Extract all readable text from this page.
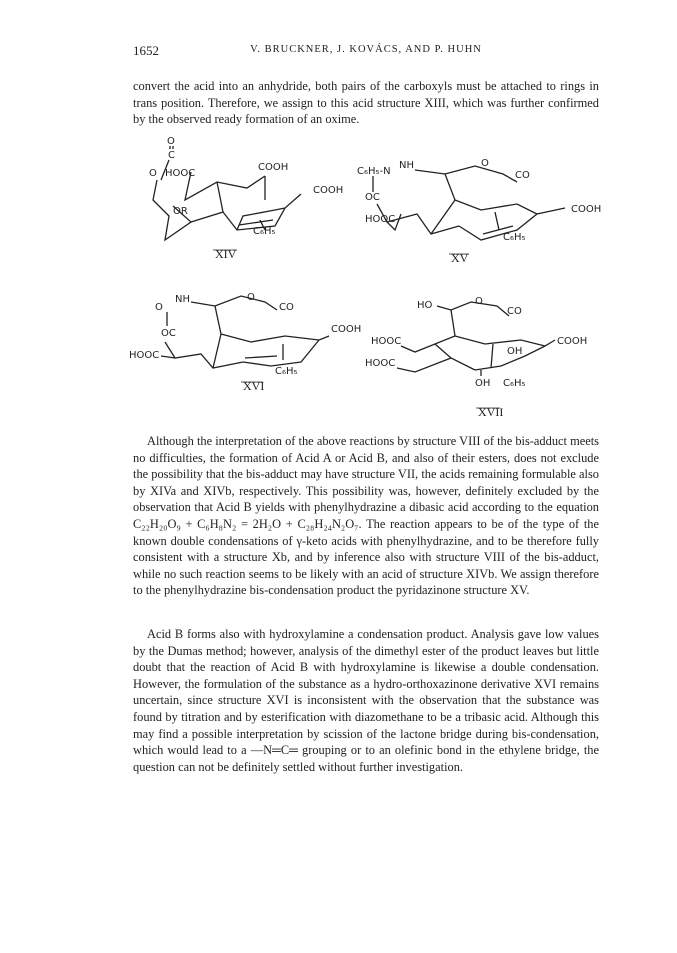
1652	V. BRUCKNER, J. KOVÁCS, AND P. HUHN

convert the acid into an anhydride, both pairs of the carboxyls must be attached to rings in trans position. Therefore, we assign to this acid structure XIII, which was further confirmed by the observed ready formation of an oxime.

O
C
O HOOC
COOH
COOH
OR
C₆H₅
XIV
C₆H₅-N
NH	O
CO
OC
HOOC
COOH
C₆H₅
XV
O
NH	O
CO
OC	COOH
HOOC
C₆H₅
XVI
HO	O
CO
HOOC
HOOC
COOH
OH
OH C₆H₅
XVII

Although the interpretation of the above reactions by structure VIII of the bis-adduct meets no difficulties, the formation of Acid A or Acid B, and also of their esters, does not exclude the possibility that the bis-adduct may have structure VII, the acids remaining formulable also by XIVa and XIVb, respectively. This possibility was, however, definitely excluded by the observation that Acid B yields with phenylhydrazine a dibasic acid according to the equation C₂₂H₂₀O₉ + C₆H₈N₂ = 2H₂O + C₂₈H₂₄N₂O₇. The reaction appears to be of the type of the known double condensations of γ-keto acids with phenylhydrazine, and to be therefore fully consistent with a structure Xb, and by inference also with structure VIII of the bis-adduct, while no such reaction seems to be likely with an acid of structure XIVb. We assign therefore to the phenylhydrazine bis-condensation product the pyridazinone structure XV.

Acid B forms also with hydroxylamine a condensation product. Analysis gave low values by the Dumas method; however, analysis of the dimethyl ester of the product leaves but little doubt that the reaction of Acid B with hydroxylamine is likewise a double condensation. However, the formulation of the substance as a hydro-orthoxazinone derivative XVI remains uncertain, since structure XVI is inconsistent with the observation that the substance was found by titration and by esterification with diazomethane to be a tribasic acid. Although this may find a possible interpretation by scission of the lactone bridge during bis-condensation, which would lead to a —N═C═ grouping or to an olefinic bond in the ethylene bridge, the question can not be definitely settled without further investigation.
